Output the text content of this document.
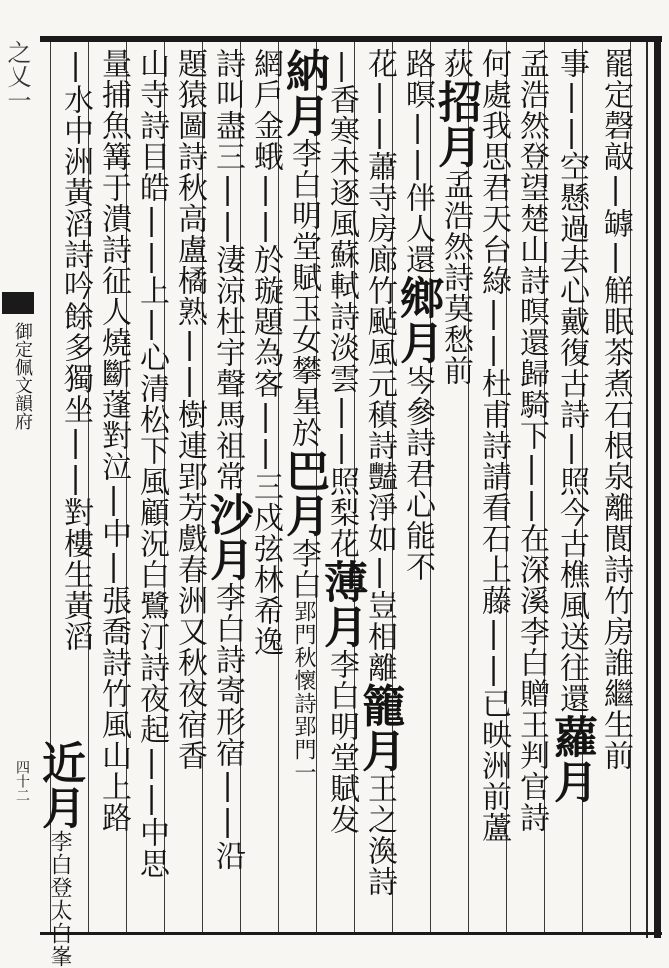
之乂一
御定佩文韻府
四十二
罷定磬敲|罅|觧眠茶煮石根泉離閬詩竹房誰繼生前
事||空懸過去心戴復古詩|照今古樵風送往還蘿月
孟浩然登望楚山詩暝還歸騎下||在深溪李白贈王判官詩
何處我思君天台綠||杜甫詩請看石上藤||已映洲前蘆
荻招月孟浩然詩莫愁前
路暝||伴人還鄉月岑參詩君心能不
花||蕭寺房廊竹颭風元稹詩豔淨如|豈相離籠月王之渙詩
|香寒未逐風蘇軾詩淡雲||照梨花薄月李白明堂賦发
納月李白明堂賦玉女攀星於巴月李白郢門秋懷詩郢門一
網戶金蛾||於璇題為客||三戍弦林希逸
詩叫盡三||淒涼杜宇聲馬祖常沙月李白詩寄形宿||沿
題猿圖詩秋高盧橘熟||樹連郢芳戲春洲又秋夜宿香
山寺詩目皓||上|心清松下風顧況白鷺汀詩夜起||中思
量捕魚篝于潰詩征人燒斷蓬對泣|中|張喬詩竹風山上路
|水中洲黃滔詩吟餘多獨坐||對樓生黃滔
近月李白登太白峯
